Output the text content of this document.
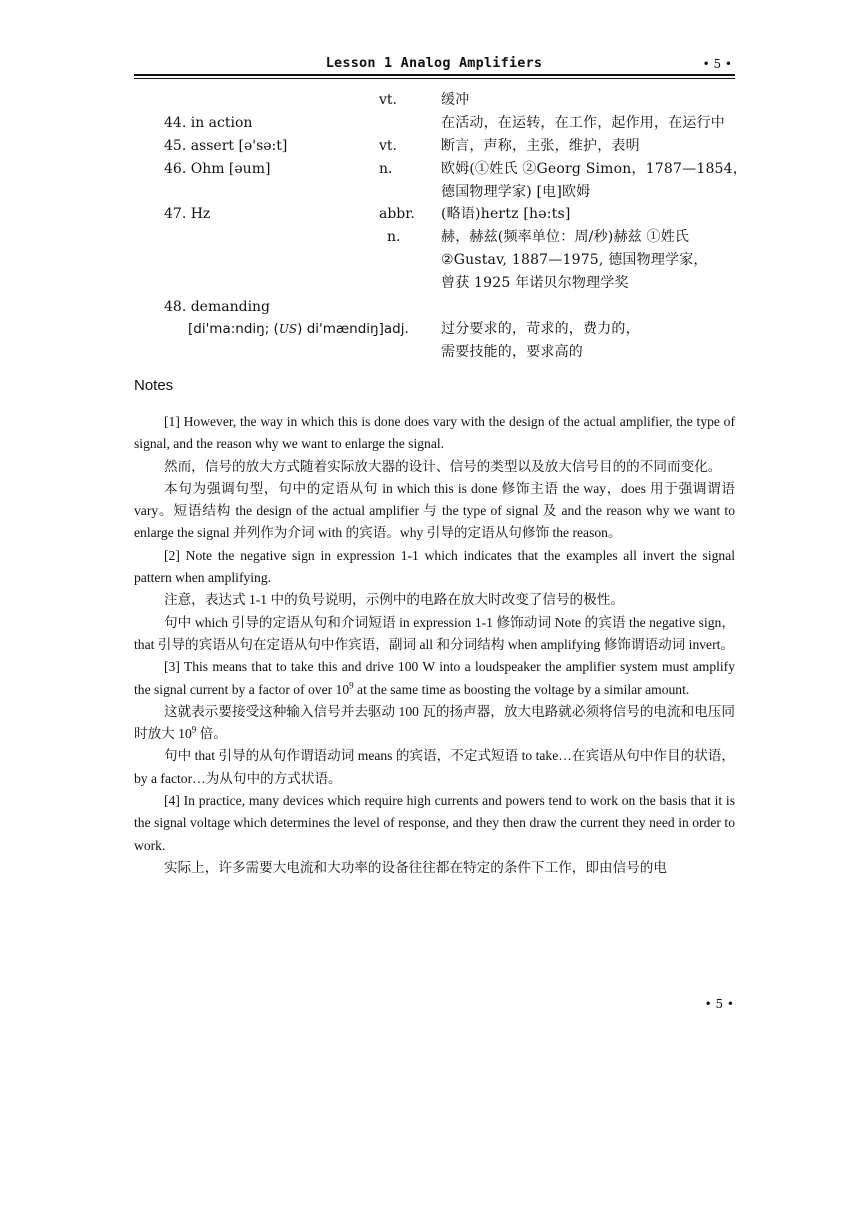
Lesson 1 Analog Amplifiers	• 5 •
vt.	缓冲
44. in action	在活动，在运转，在工作，起作用，在运行中
45. assert [ə'sə:t]	vt.	断言，声称，主张，维护，表明
46. Ohm [əum]	n.	欧姆(①姓氏 ②Georg Simon，1787—1854，
德国物理学家) [电]欧姆
47. Hz	abbr. (略语)hertz [hə:ts]
n.	赫，赫兹(频率单位：周/秒)赫兹 ①姓氏
②Gustav, 1887—1975, 德国物理学家，
曾获 1925 年诺贝尔物理学奖
48. demanding
[di'ma:ndiŋ; (US) di'mændiŋ]adj. 过分要求的，苛求的，费力的，
需要技能的，要求高的
Notes

[1] However, the way in which this is done does vary with the design of the actual amplifier, the type of signal, and the reason why we want to enlarge the signal.

然而，信号的放大方式随着实际放大器的设计、信号的类型以及放大信号目的的不同而变化。

本句为强调句型，句中的定语从句 in which this is done 修饰主语 the way，does 用于强调谓语 vary。短语结构 the design of the actual amplifier 与 the type of signal 及 and the reason why we want to enlarge the signal 并列作为介词 with 的宾语。why 引导的定语从句修饰 the reason。

[2] Note the negative sign in expression 1-1 which indicates that the examples all invert the signal pattern when amplifying.

注意，表达式 1-1 中的负号说明，示例中的电路在放大时改变了信号的极性。

句中 which 引导的定语从句和介词短语 in expression 1-1 修饰动词 Note 的宾语 the negative sign，that 引导的宾语从句在定语从句中作宾语，副词 all 和分词结构 when amplifying 修饰谓语动词 invert。

[3] This means that to take this and drive 100 W into a loudspeaker the amplifier system must amplify the signal current by a factor of over $10^9$ at the same time as boosting the voltage by a similar amount.

这就表示要接受这种输入信号并去驱动 100 瓦的扬声器，放大电路就必须将信号的电流和电压同时放大 $10^9$ 倍。

句中 that 引导的从句作谓语动词 means 的宾语，不定式短语 to take…在宾语从句中作目的状语，by a factor…为从句中的方式状语。

[4] In practice, many devices which require high currents and powers tend to work on the basis that it is the signal voltage which determines the level of response, and they then draw the current they need in order to work.

实际上，许多需要大电流和大功率的设备往往都在特定的条件下工作，即由信号的电

• 5 •
